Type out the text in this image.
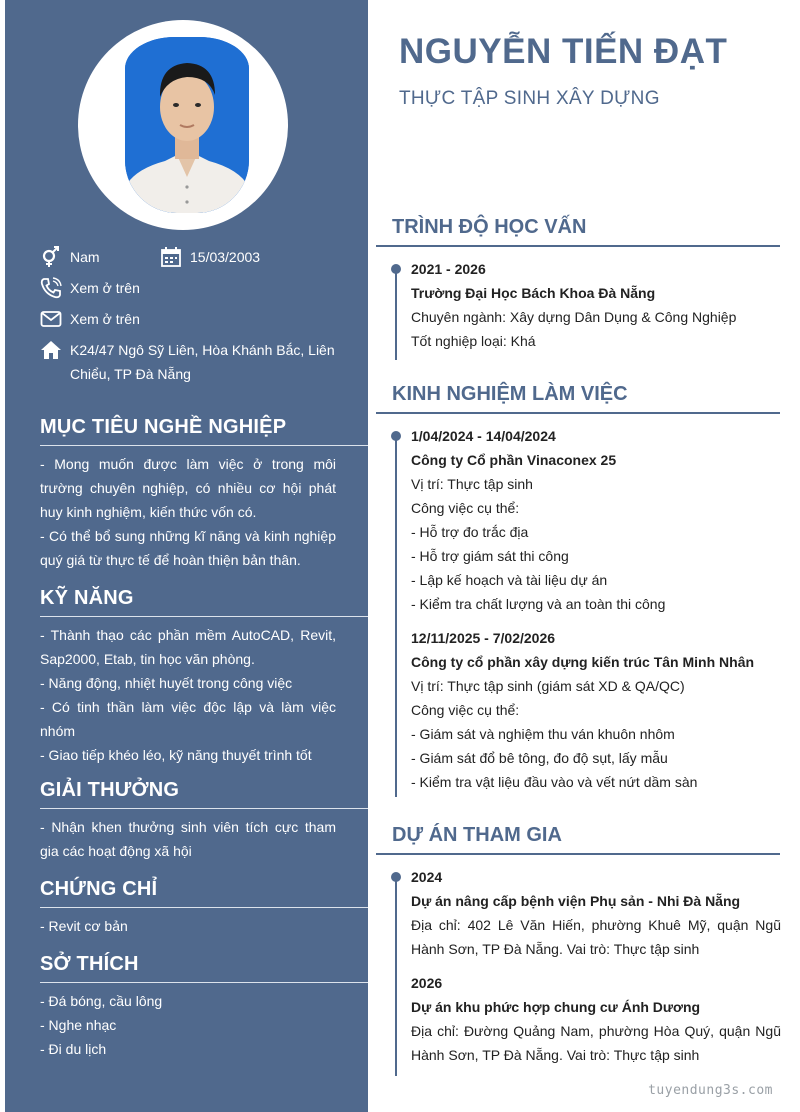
Nam	15/03/2003
Xem ở trên
Xem ở trên
K24/47 Ngô Sỹ Liên, Hòa Khánh Bắc, Liên Chiểu, TP Đà Nẵng
MỤC TIÊU NGHỀ NGHIỆP

- Mong muốn được làm việc ở trong môi trường chuyên nghiệp, có nhiều cơ hội phát huy kinh nghiệm, kiến thức vốn có.

- Có thể bổ sung những kĩ năng và kinh nghiệp quý giá từ thực tế để hoàn thiện bản thân.

KỸ NĂNG

- Thành thạo các phần mềm AutoCAD, Revit, Sap2000, Etab, tin học văn phòng.

- Năng động, nhiệt huyết trong công việc

- Có tinh thần làm việc độc lập và làm việc nhóm

- Giao tiếp khéo léo, kỹ năng thuyết trình tốt

GIẢI THƯỞNG

- Nhận khen thưởng sinh viên tích cực tham gia các hoạt động xã hội

CHỨNG CHỈ

- Revit cơ bản

SỞ THÍCH

- Đá bóng, cầu lông

- Nghe nhạc

- Đi du lịch

NGUYỄN TIẾN ĐẠT
THỰC TẬP SINH XÂY DỰNG
TRÌNH ĐỘ HỌC VẤN
2021 - 2026
Trường Đại Học Bách Khoa Đà Nẵng
Chuyên ngành: Xây dựng Dân Dụng & Công Nghiệp
Tốt nghiệp loại: Khá
KINH NGHIỆM LÀM VIỆC
1/04/2024 - 14/04/2024
Công ty Cổ phần Vinaconex 25
Vị trí: Thực tập sinh
Công việc cụ thể:
- Hỗ trợ đo trắc địa
- Hỗ trợ giám sát thi công
- Lập kế hoạch và tài liệu dự án
- Kiểm tra chất lượng và an toàn thi công
12/11/2025 - 7/02/2026
Công ty cổ phần xây dựng kiến trúc Tân Minh Nhân
Vị trí: Thực tập sinh (giám sát XD & QA/QC)
Công việc cụ thể:
- Giám sát và nghiệm thu ván khuôn nhôm
- Giám sát đổ bê tông, đo độ sụt, lấy mẫu
- Kiểm tra vật liệu đầu vào và vết nứt dầm sàn
DỰ ÁN THAM GIA
2024
Dự án nâng cấp bệnh viện Phụ sản - Nhi Đà Nẵng
Địa chỉ: 402 Lê Văn Hiến, phường Khuê Mỹ, quận Ngũ Hành Sơn, TP Đà Nẵng. Vai trò: Thực tập sinh
2026
Dự án khu phức hợp chung cư Ánh Dương
Địa chỉ: Đường Quảng Nam, phường Hòa Quý, quận Ngũ Hành Sơn, TP Đà Nẵng. Vai trò: Thực tập sinh
tuyendung3s.com
